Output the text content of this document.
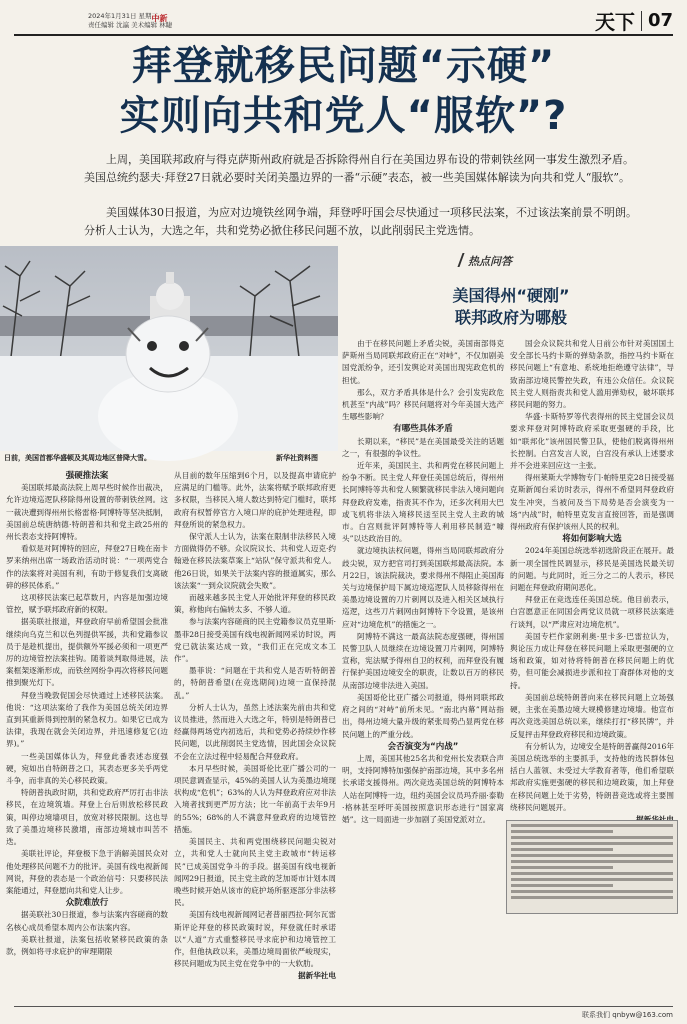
2024年1月31日 星期三
责任编辑 沈瀛 美术编辑 林睫
中新	天下 07
拜登就移民问题“示硬”
实则向共和党人“服软”?
上周，美国联邦政府与得克萨斯州政府就是否拆除得州自行在美国边界布设的带刺铁丝网一事发生激烈矛盾。美国总统约瑟夫·拜登27日就必要时关闭美墨边界的一番“示硬”表态，被一些美国媒体解读为向共和党人“服软”。
美国媒体30日报道，为应对边境铁丝网争端，拜登呼吁国会尽快通过一项移民法案，不过该法案前景不明朗。分析人士认为，大选之年，共和党势必掀住移民问题不放，以此削弱民主党选情。
日前，美国首都华盛顿及其周边地区普降大雪。	新华社资料图

强硬推法案

美国联邦最高法院上周早些时候作出裁决，允许边境巡逻队移除得州设置的带刺铁丝网。这一裁决遭到得州州长格雷格·阿博特等坚决抵制，美国前总统唐纳德·特朗普和共和党主政25州的州长表态支持阿博特。

看似是对阿博特的回应，拜登27日晚在南卡罗来纳州出席一场政治活动时说：“一项两党合作的法案将对美国有利，有助于修复我们支离破碎的移民体系。”

这项移民法案已起草数月，内容是加强边境管控，赋予联邦政府新的权限。

据美联社报道，拜登政府早前希望国会批准继续向乌克兰和以色列提供军援，共和党籍参议员于是趁机提出，提供额外军援必须和一项更严厉的边境管控法案挂钩。随着谈判取得进展，法案框架逐渐形成，而铁丝网纷争再次将移民问题推到聚光灯下。

拜登当晚敦促国会尽快通过上述移民法案。他说：“这项法案给了我作为美国总统关闭边界直到其重新得到控制的紧急权力。如果它已成为法律，我现在就会关闭边界，并迅速修复它(边界)。”

一些美国媒体认为，拜登此番表述态度强硬，宛如出自特朗普之口，其表态更多关乎两党斗争，而非真的关心移民政策。

特朗普执政时期，共和党政府严厉打击非法移民，在边境筑墙。拜登上台后则放松移民政策，叫停边境墙项目，放宽对移民限制。这也导致了美墨边境移民激增，南部边境城市叫苦不迭。

美联社评论，拜登极下急于消解美国民众对他处理移民问题不力的批评。美国有线电视新闻网说，拜登的表态是一个政治信号：只要移民法案能通过，拜登愿向共和党人让步。

众院难放行

据美联社30日报道，参与法案内容磋商的数名核心成员希望本周内公布法案内容。

美联社报道，法案包括收紧移民政策的条款，例如将寻求庇护的审理期限

从目前的数年压缩到6个月，以及提高申请庇护应满足的门槛等。此外，法案将赋予联邦政府更多权限，当移民入境人数达到特定门槛时，联邦政府有权暂停官方入境口岸的庇护处理进程，即拜登所说的紧急权力。

保守派人士认为，法案在限制非法移民入境方面做得仍不够。众议院议长、共和党人迈克·约翰逊在移民法案草案上“站队”保守派共和党人。他26日说，如果关于法案内容的报道属实，那么该法案“一到众议院就会失败”。

而越来越多民主党人开始批评拜登的移民政策，称他向右偏转太多、不够人道。

参与法案内容磋商的民主党籍参议员克里斯·墨菲28日接受美国有线电视新闻网采访时说，两党已就法案达成一致，“我们正在完成文本工作”。

墨菲说：“问题在于共和党人是否听特朗普的，特朗普希望(在竞选期间)边境一直保持混乱。”

分析人士认为，虽然上述法案先前由共和党议员推进，然而进入大选之年，特别是特朗普已经赢得两场党内初选后，共和党势必持续炒作移民问题，以此削弱民主党选情，因此国会众议院不会在立法过程中轻易配合拜登政府。

本月早些时候，美国哥伦比亚广播公司的一项民意调查显示，45%的美国人认为美墨边境现状构成“危机”；63%的人认为拜登政府应对非法入境者找到更严厉方法；比一年前高于去年9月的55%；68%的人不满意拜登政府的边境管控措施。

美国民主、共和两党围绕移民问题尖锐对立，共和党人士就向民主党主政城市“转运移民”已成美国党争斗的手段。据美国有线电视新闻网29日报道，民主党主政的芝加哥市计划本周晚些时候开始从该市的庇护场所驱逐部分非法移民。

美国有线电视新闻网记者普丽西拉·阿尔瓦雷斯评论拜登的移民政策时说，拜登就任时承诺以“人道”方式重整移民寻求庇护和边境管控工作，但他执政以来，美墨边境局面依严峻现实，移民问题成为民主党在党争中的一大软肋。

据新华社电

热点问答
美国得州“硬刚”
联邦政府为哪般

由于在移民问题上矛盾尖锐，美国南部得克萨斯州当局同联邦政府正在“对峙”，不仅加剧美国党派纷争，还引发舆论对美国出现宪政危机的担忧。

那么，双方矛盾具体是什么？会引发宪政危机甚至“内战”吗？移民问题将对今年美国大选产生哪些影响？

有哪些具体矛盾

长期以来，“移民”是在美国最受关注的话题之一，有很强的争议性。

近年来，美国民主、共和两党在移民问题上纷争不断。民主党人拜登任美国总统后，得州州长阿博特等共和党人频繁就移民非法入境问题向拜登政府发难，指责其不作为，还多次利用大巴或飞机将非法入境移民送至民主党人主政的城市。白宫则批评阿博特等人利用移民制造“噱头”以达政治目的。

就边境执法权问题，得州当局同联邦政府分歧尖锐，双方把官司打到美国联邦最高法院。本月22日，该法院裁决，要求得州不得阻止美国海关与边境保护局下属边境巡逻队人员移除得州在美墨边境设置的刀片刺网以及进入相关区域执行巡逻，这些刀片刺网由阿博特下令设置，是该州应对“边境危机”的措施之一。

阿博特不满这一最高法院态度强硬，得州国民警卫队人员继续在边境设置刀片刺网，阿博特宣称，宪法赋予得州自卫的权利，而拜登没有履行保护美国边境安全的职责，让数以百万的移民从南部边境非法进入美国。

美国哥伦比亚广播公司报道，得州同联邦政府之间的“对峙”前所未见。“南北内幕”网站指出，得州边境大量升级的紧张局势凸显两党在移民问题上的严重分歧。

会否演变为“内战”

上周，美国其他25名共和党州长发表联合声明，支持阿博特加强保护南部边境，其中多名州长承诺支援得州。两次竞选美国总统的阿博特本人站在阿博特一边，纽约美国会议员玛乔丽·泰勒·格林甚至呼吁美国按照意识形态进行“国家离婚”。这一局面进一步加剧了美国党派对立。

国会众议院共和党人日前公布针对美国国土安全部长马约卡斯的弹劾条款，指控马约卡斯在移民问题上“有意地、系统地拒绝遵守法律”，导致南部边境民警控失政，有违公众信任。众议院民主党人则指责共和党人滥用弹劾权，破坏联邦移民问题的努力。

华盛·卡斯特罗等代表得州的民主党国会议员要求拜登对阿博特政府采取更强硬的手段，比如“联邦化”该州国民警卫队，使他们脱离得州州长控制。白宫发言人说，白宫没有承认上述要求并不会进来回应这一主张。

得州莱斯大学博物专门·帕特里克28日接受福克斯新闻台采访时表示，得州不希望同拜登政府发生冲突，当被问及当下局势是否会演变为一场“内战”时，帕特里克发言直接回答，而是强调得州政府有保护该州人民的权利。

将如何影响大选

2024年美国总统选举初选阶段正在展开。最新一项全国性民调显示，移民是美国选民最关切的问题。与此同时，近三分之二的人表示，移民问题在拜登政府期间恶化。

拜登正在竞选连任美国总统。他目前表示，白宫愿意正在同国会两党议员就一项移民法案进行谈判，以“严肃应对边境危机”。

美国专栏作家朗利奥·里卡多·巴雷拉认为，舆论压力成让拜登在移民问题上采取更强硬的立场和政策，如对待将特朗普在移民问题上的优势，但可能会减损进步派和拉丁裔群体对他的支持。

美国前总统特朗普向来在移民问题上立场强硬，主张在美墨边境大规模修建边境墙。他宣布再次竞选美国总统以来，继续打打“移民牌”，并反复抨击拜登政府移民和边境政策。

有分析认为，边境安全是特朗普赢得2016年美国总统选举的主要抓手，支持他的选民群体包括白人蓝领、未受过大学教育者等，他们希望联邦政府实施更强硬的移民和边境政策，加上拜登在移民问题上处于劣势，特朗普竞选或将主要围绕移民问题展开。

联系我们 qnbyw@163.com
